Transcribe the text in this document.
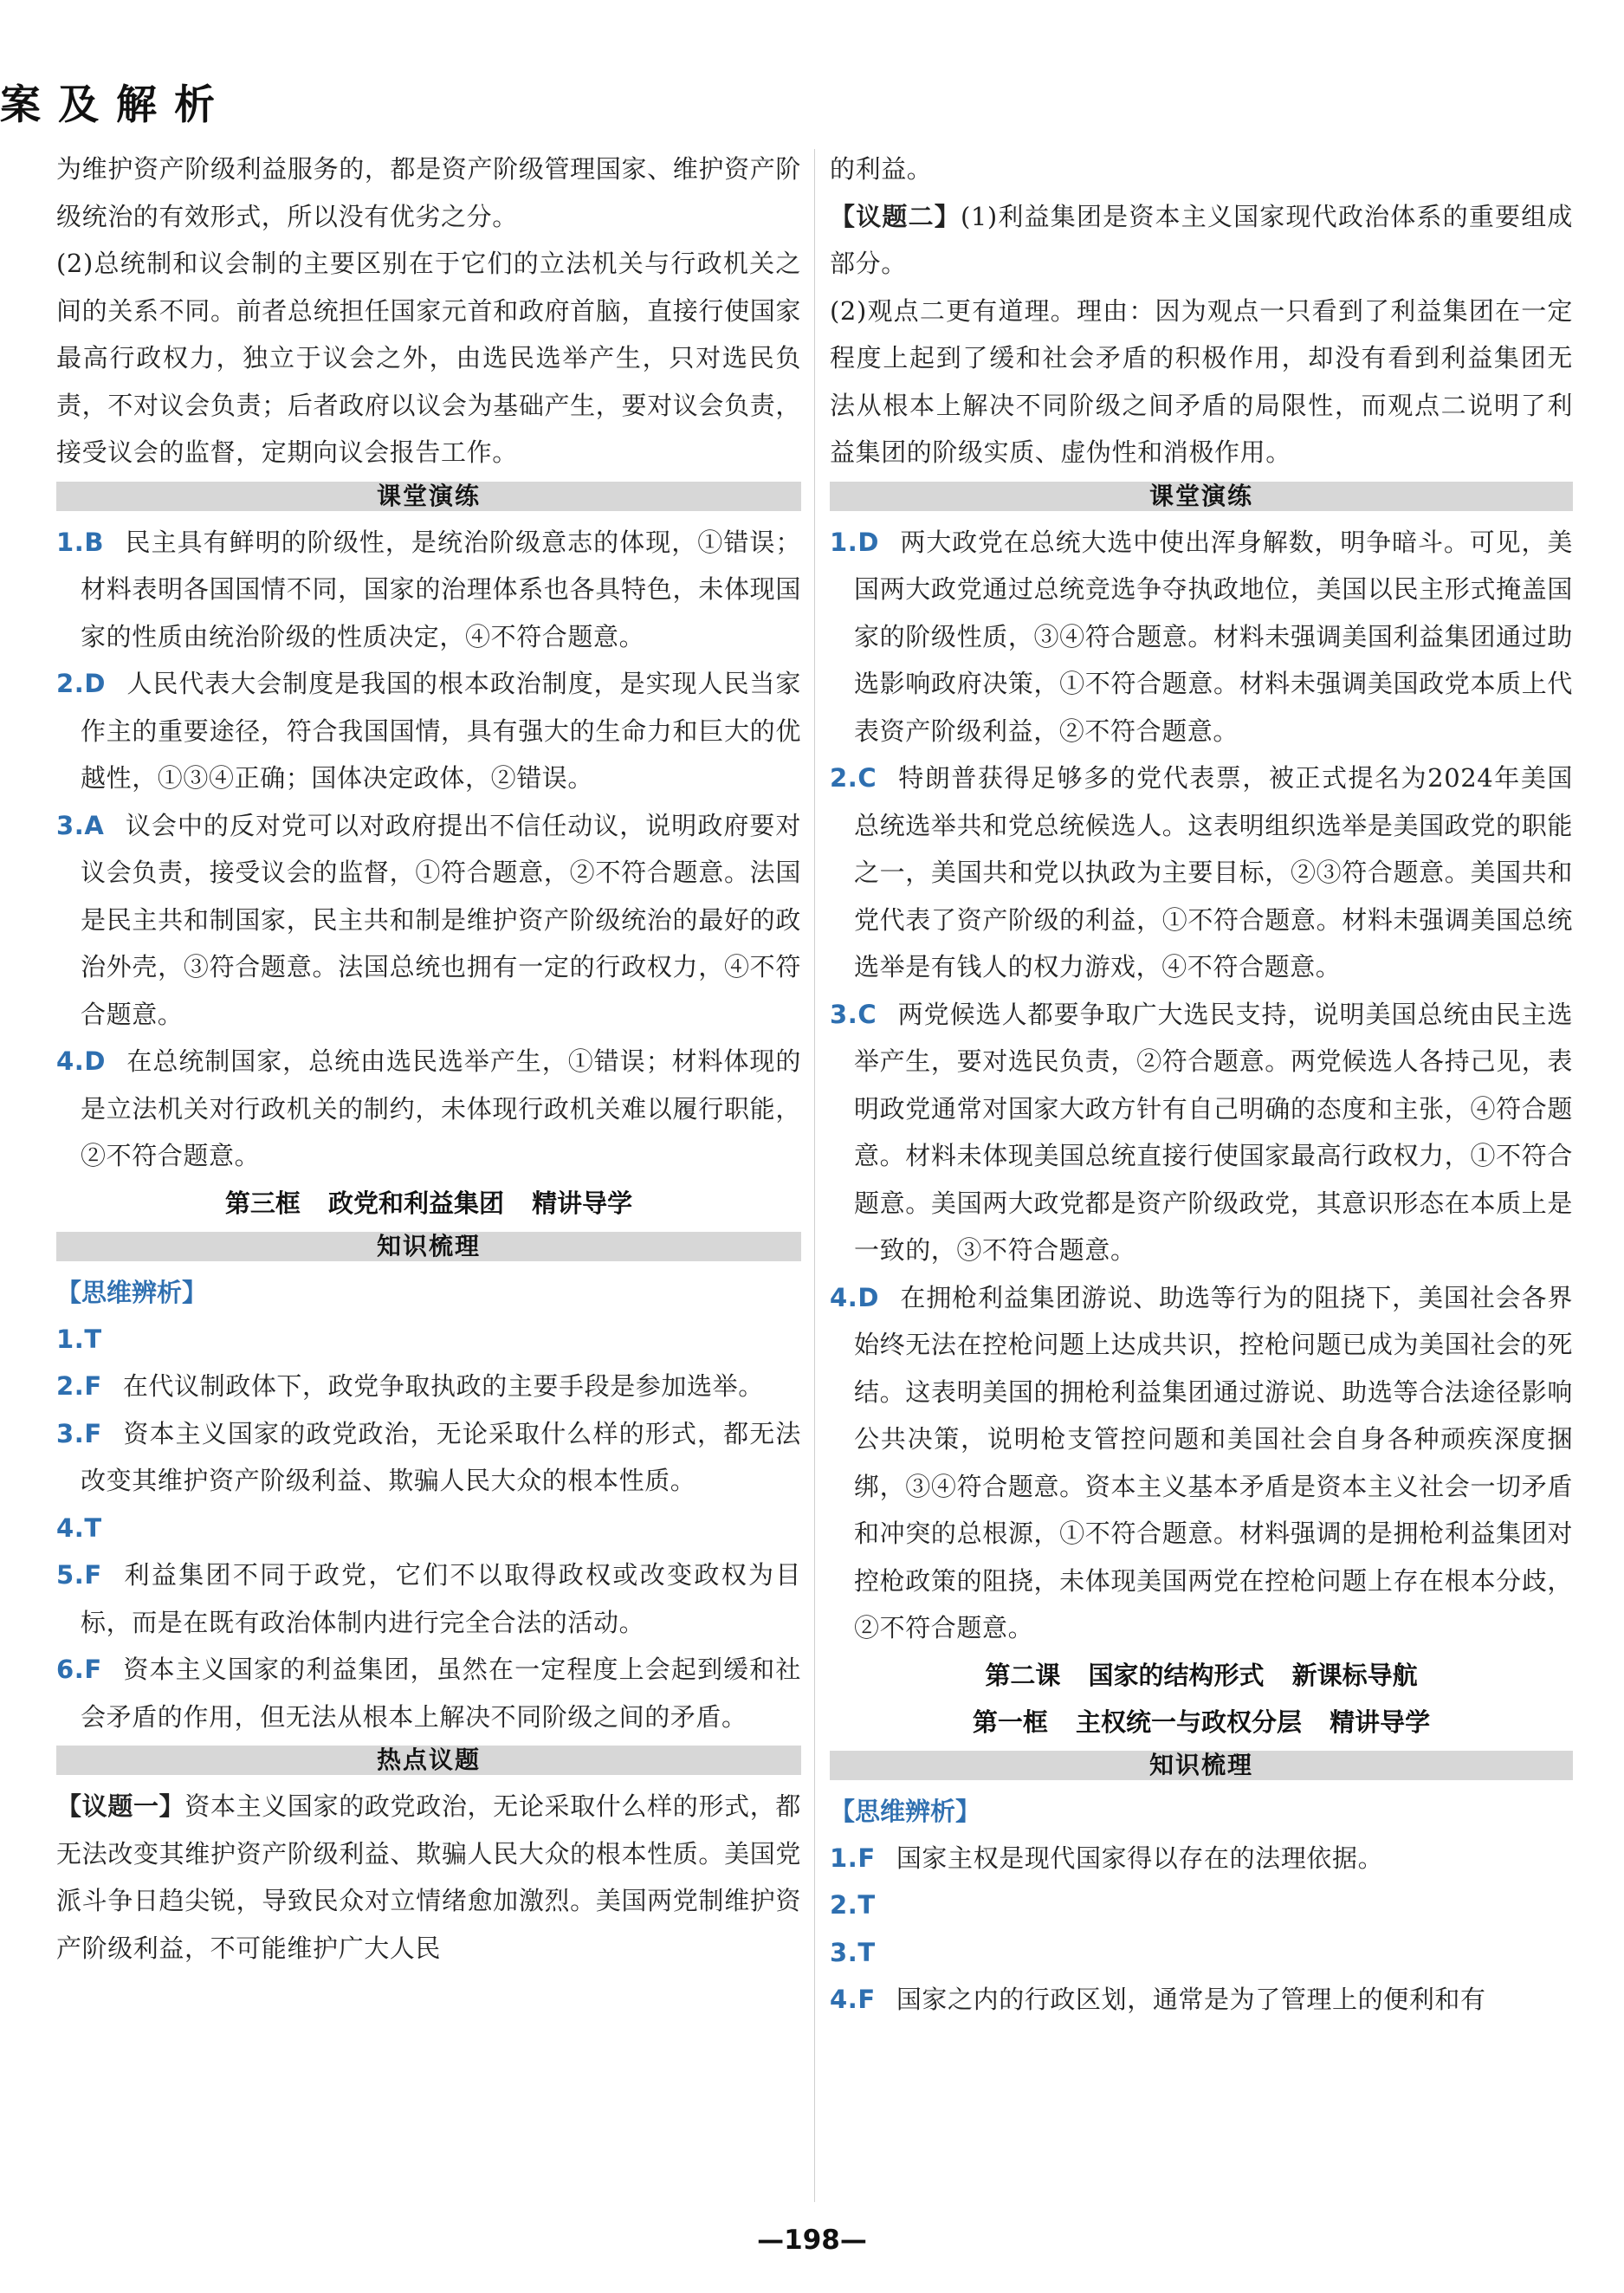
案及解析

为维护资产阶级利益服务的，都是资产阶级管理国家、维护资产阶级统治的有效形式，所以没有优劣之分。

(2)总统制和议会制的主要区别在于它们的立法机关与行政机关之间的关系不同。前者总统担任国家元首和政府首脑，直接行使国家最高行政权力，独立于议会之外，由选民选举产生，只对选民负责，不对议会负责；后者政府以议会为基础产生，要对议会负责，接受议会的监督，定期向议会报告工作。

课堂演练

1.B 民主具有鲜明的阶级性，是统治阶级意志的体现，①错误；材料表明各国国情不同，国家的治理体系也各具特色，未体现国家的性质由统治阶级的性质决定，④不符合题意。

2.D 人民代表大会制度是我国的根本政治制度，是实现人民当家作主的重要途径，符合我国国情，具有强大的生命力和巨大的优越性，①③④正确；国体决定政体，②错误。

3.A 议会中的反对党可以对政府提出不信任动议，说明政府要对议会负责，接受议会的监督，①符合题意，②不符合题意。法国是民主共和制国家，民主共和制是维护资产阶级统治的最好的政治外壳，③符合题意。法国总统也拥有一定的行政权力，④不符合题意。

4.D 在总统制国家，总统由选民选举产生，①错误；材料体现的是立法机关对行政机关的制约，未体现行政机关难以履行职能，②不符合题意。

第三框 政党和利益集团 精讲导学
知识梳理
【思维辨析】

1.T

2.F 在代议制政体下，政党争取执政的主要手段是参加选举。

3.F 资本主义国家的政党政治，无论采取什么样的形式，都无法改变其维护资产阶级利益、欺骗人民大众的根本性质。

4.T

5.F 利益集团不同于政党，它们不以取得政权或改变政权为目标，而是在既有政治体制内进行完全合法的活动。

6.F 资本主义国家的利益集团，虽然在一定程度上会起到缓和社会矛盾的作用，但无法从根本上解决不同阶级之间的矛盾。

热点议题

【议题一】资本主义国家的政党政治，无论采取什么样的形式，都无法改变其维护资产阶级利益、欺骗人民大众的根本性质。美国党派斗争日趋尖锐，导致民众对立情绪愈加激烈。美国两党制维护资产阶级利益，不可能维护广大人民

的利益。

【议题二】(1)利益集团是资本主义国家现代政治体系的重要组成部分。

(2)观点二更有道理。理由：因为观点一只看到了利益集团在一定程度上起到了缓和社会矛盾的积极作用，却没有看到利益集团无法从根本上解决不同阶级之间矛盾的局限性，而观点二说明了利益集团的阶级实质、虚伪性和消极作用。

课堂演练

1.D 两大政党在总统大选中使出浑身解数，明争暗斗。可见，美国两大政党通过总统竞选争夺执政地位，美国以民主形式掩盖国家的阶级性质，③④符合题意。材料未强调美国利益集团通过助选影响政府决策，①不符合题意。材料未强调美国政党本质上代表资产阶级利益，②不符合题意。

2.C 特朗普获得足够多的党代表票，被正式提名为2024年美国总统选举共和党总统候选人。这表明组织选举是美国政党的职能之一，美国共和党以执政为主要目标，②③符合题意。美国共和党代表了资产阶级的利益，①不符合题意。材料未强调美国总统选举是有钱人的权力游戏，④不符合题意。

3.C 两党候选人都要争取广大选民支持，说明美国总统由民主选举产生，要对选民负责，②符合题意。两党候选人各持己见，表明政党通常对国家大政方针有自己明确的态度和主张，④符合题意。材料未体现美国总统直接行使国家最高行政权力，①不符合题意。美国两大政党都是资产阶级政党，其意识形态在本质上是一致的，③不符合题意。

4.D 在拥枪利益集团游说、助选等行为的阻挠下，美国社会各界始终无法在控枪问题上达成共识，控枪问题已成为美国社会的死结。这表明美国的拥枪利益集团通过游说、助选等合法途径影响公共决策，说明枪支管控问题和美国社会自身各种顽疾深度捆绑，③④符合题意。资本主义基本矛盾是资本主义社会一切矛盾和冲突的总根源，①不符合题意。材料强调的是拥枪利益集团对控枪政策的阻挠，未体现美国两党在控枪问题上存在根本分歧，②不符合题意。

第二课 国家的结构形式 新课标导航
第一框 主权统一与政权分层 精讲导学
知识梳理
【思维辨析】

1.F 国家主权是现代国家得以存在的法理依据。

2.T

3.T

4.F 国家之内的行政区划，通常是为了管理上的便利和有

—198—
